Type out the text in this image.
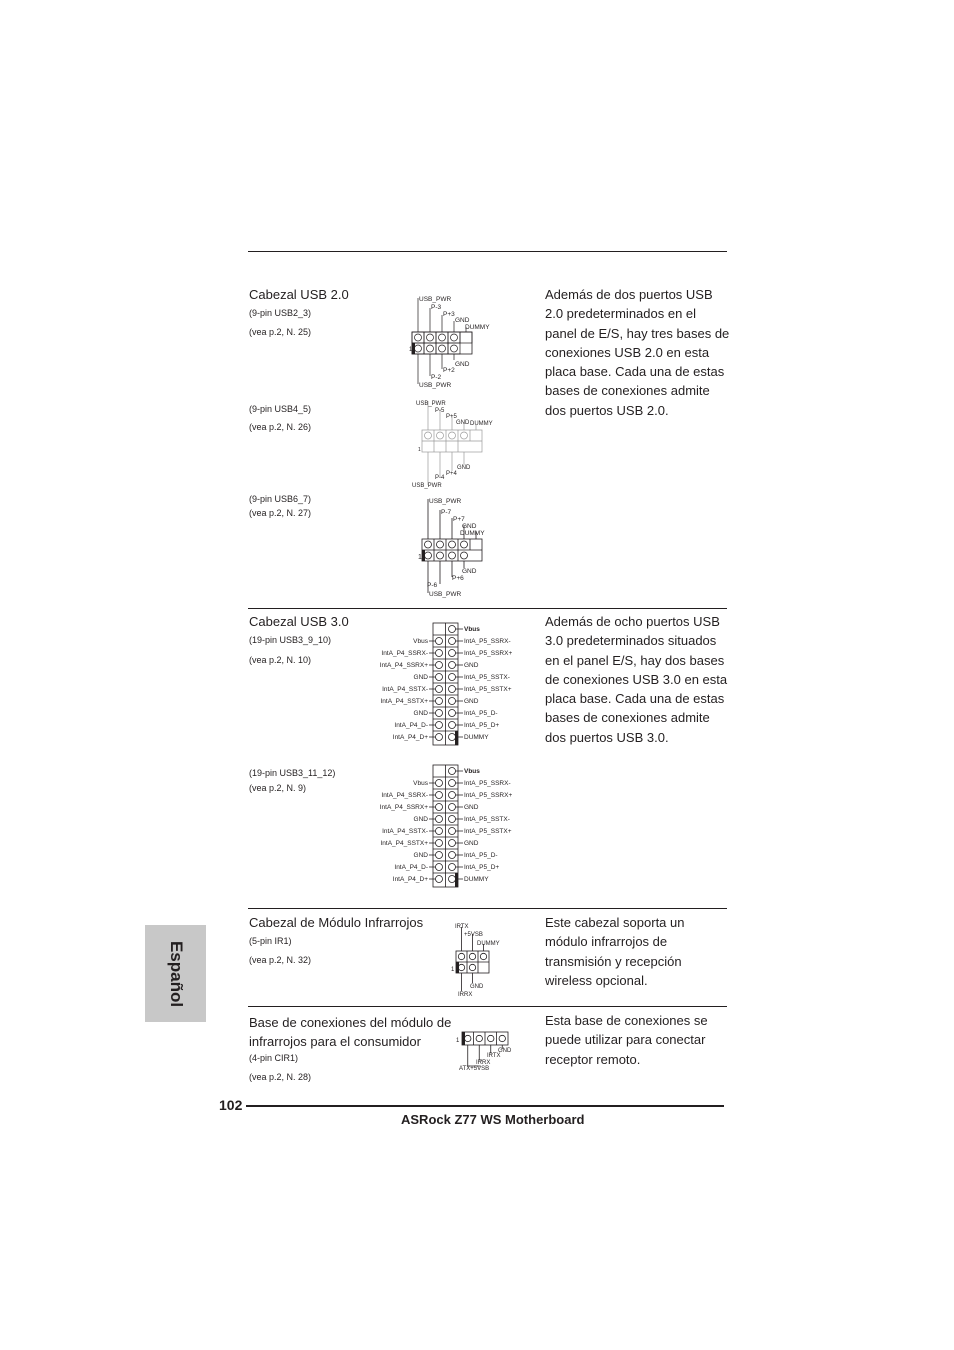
Cabezal USB 2.0	Además de dos puertos USB 2.0 predeterminados en el panel de E/S, hay tres bases de conexiones USB 2.0 en esta placa base. Cada una de estas bases de conexiones admite dos puertos USB 2.0.
(9-pin USB2_3)
(vea p.2, N. 25)
1
USB_PWR
P-3
P+3
GND
DUMMY
GND
P+2
P-2
USB_PWR
(9-pin USB4_5)
(vea p.2, N. 26)
1
USB_PWR
P-5
P+5
GND DUMMY
GND
P+4
P-4
USB_PWR
(9-pin USB6_7)
(vea p.2, N. 27)
1
USB_PWR
P-7
P+7
GND
DUMMY
GND
P+6
P-6
USB_PWR
Cabezal USB 3.0	Además de ocho puertos USB 3.0 predeterminados situados en el panel E/S, hay dos bases de conexiones USB 3.0 en esta placa base. Cada una de estas bases de conexiones admite dos puertos USB 3.0.
(19-pin USB3_9_10)
(vea p.2, N. 10)
Vbus
IntA_P4_SSRX-
IntA_P4_SSRX+
GND
IntA_P4_SSTX-
IntA_P4_SSTX+
GND
IntA_P4_D-
IntA_P4_D+
Vbus
IntA_P5_SSRX-
IntA_P5_SSRX+
GND
IntA_P5_SSTX-
IntA_P5_SSTX+
GND
IntA_P5_D-
IntA_P5_D+
DUMMY
(19-pin USB3_11_12)
(vea p.2, N. 9)	Vbus
IntA_P4_SSRX-
IntA_P4_SSRX+
GND
IntA_P4_SSTX-
IntA_P4_SSTX+
GND
IntA_P4_D-
IntA_P4_D+
Vbus
IntA_P5_SSRX-
IntA_P5_SSRX+
GND
IntA_P5_SSTX-
IntA_P5_SSTX+
GND
IntA_P5_D-
IntA_P5_D+
DUMMY
Cabezal de Módulo Infrarrojos	Este cabezal soporta un módulo infrarrojos de transmisión y recepción wireless opcional.
(5-pin IR1)
(vea p.2, N. 32)
1
IRTX
+5VSB
DUMMY
GND
IRRX
Base de conexiones del módulo de infrarrojos para el consumidor
Esta base de conexiones se puede utilizar para conectar receptor remoto.
(4-pin CIR1)
(vea p.2, N. 28)
1
GND
IRTX
IRRX
ATX+5VSB
Español
102
ASRock Z77 WS Motherboard
